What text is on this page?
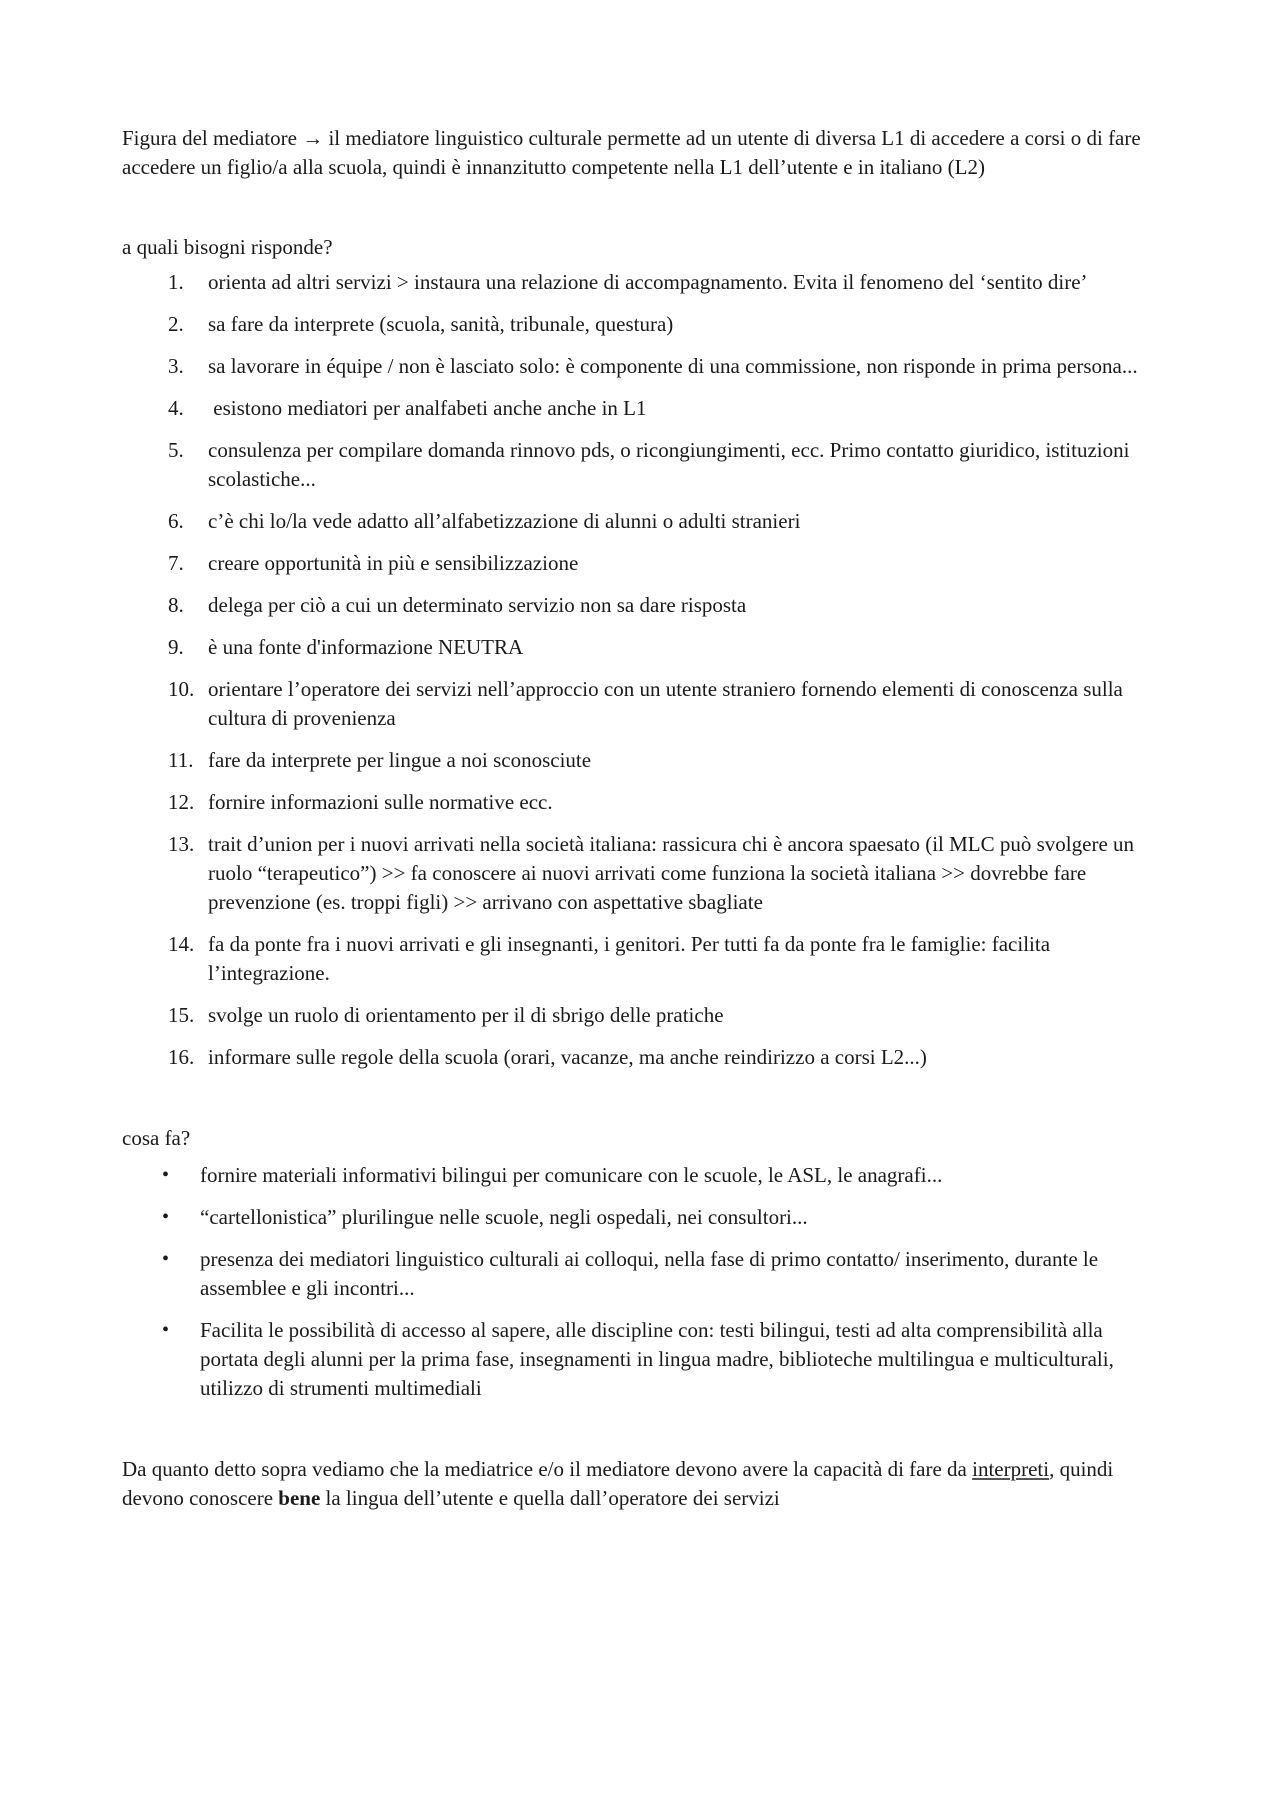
Figura del mediatore → il mediatore linguistico culturale permette ad un utente di diversa L1 di accedere a corsi o di fare accedere un figlio/a alla scuola, quindi è innanzitutto competente nella L1 dell’utente e in italiano (L2)

a quali bisogni risponde?

1.	orienta ad altri servizi > instaura una relazione di accompagnamento. Evita il fenomeno del ‘sentito dire’
2.	sa fare da interprete (scuola, sanità, tribunale, questura)
3.	sa lavorare in équipe / non è lasciato solo: è componente di una commissione, non risponde in prima persona...
4.	esistono mediatori per analfabeti anche anche in L1
5.	consulenza per compilare domanda rinnovo pds, o ricongiungimenti, ecc. Primo contatto giuridico, istituzioni scolastiche...
6.	c’è chi lo/la vede adatto all’alfabetizzazione di alunni o adulti stranieri
7.	creare opportunità in più e sensibilizzazione
8.	delega per ciò a cui un determinato servizio non sa dare risposta
9.	è una fonte d'informazione NEUTRA
10. orientare l’operatore dei servizi nell’approccio con un utente straniero fornendo elementi di conoscenza sulla cultura di provenienza
11. fare da interprete per lingue a noi sconosciute
12. fornire informazioni sulle normative ecc.
13. trait d’union per i nuovi arrivati nella società italiana: rassicura chi è ancora spaesato (il MLC può svolgere un ruolo “terapeutico”) >> fa conoscere ai nuovi arrivati come funziona la società italiana >> dovrebbe fare prevenzione (es. troppi figli) >> arrivano con aspettative sbagliate
14. fa da ponte fra i nuovi arrivati e gli insegnanti, i genitori. Per tutti fa da ponte fra le famiglie: facilita l’integrazione.
15. svolge un ruolo di orientamento per il di sbrigo delle pratiche
16. informare sulle regole della scuola (orari, vacanze, ma anche reindirizzo a corsi L2...)

cosa fa?

• fornire materiali informativi bilingui per comunicare con le scuole, le ASL, le anagrafi...
• “cartellonistica” plurilingue nelle scuole, negli ospedali, nei consultori...
• presenza dei mediatori linguistico culturali ai colloqui, nella fase di primo contatto/ inserimento, durante le assemblee e gli incontri...
• Facilita le possibilità di accesso al sapere, alle discipline con: testi bilingui, testi ad alta comprensibilità alla portata degli alunni per la prima fase, insegnamenti in lingua madre, biblioteche multilingua e multiculturali, utilizzo di strumenti multimediali

Da quanto detto sopra vediamo che la mediatrice e/o il mediatore devono avere la capacità di fare da interpreti, quindi devono conoscere bene la lingua dell’utente e quella dall’operatore dei servizi
